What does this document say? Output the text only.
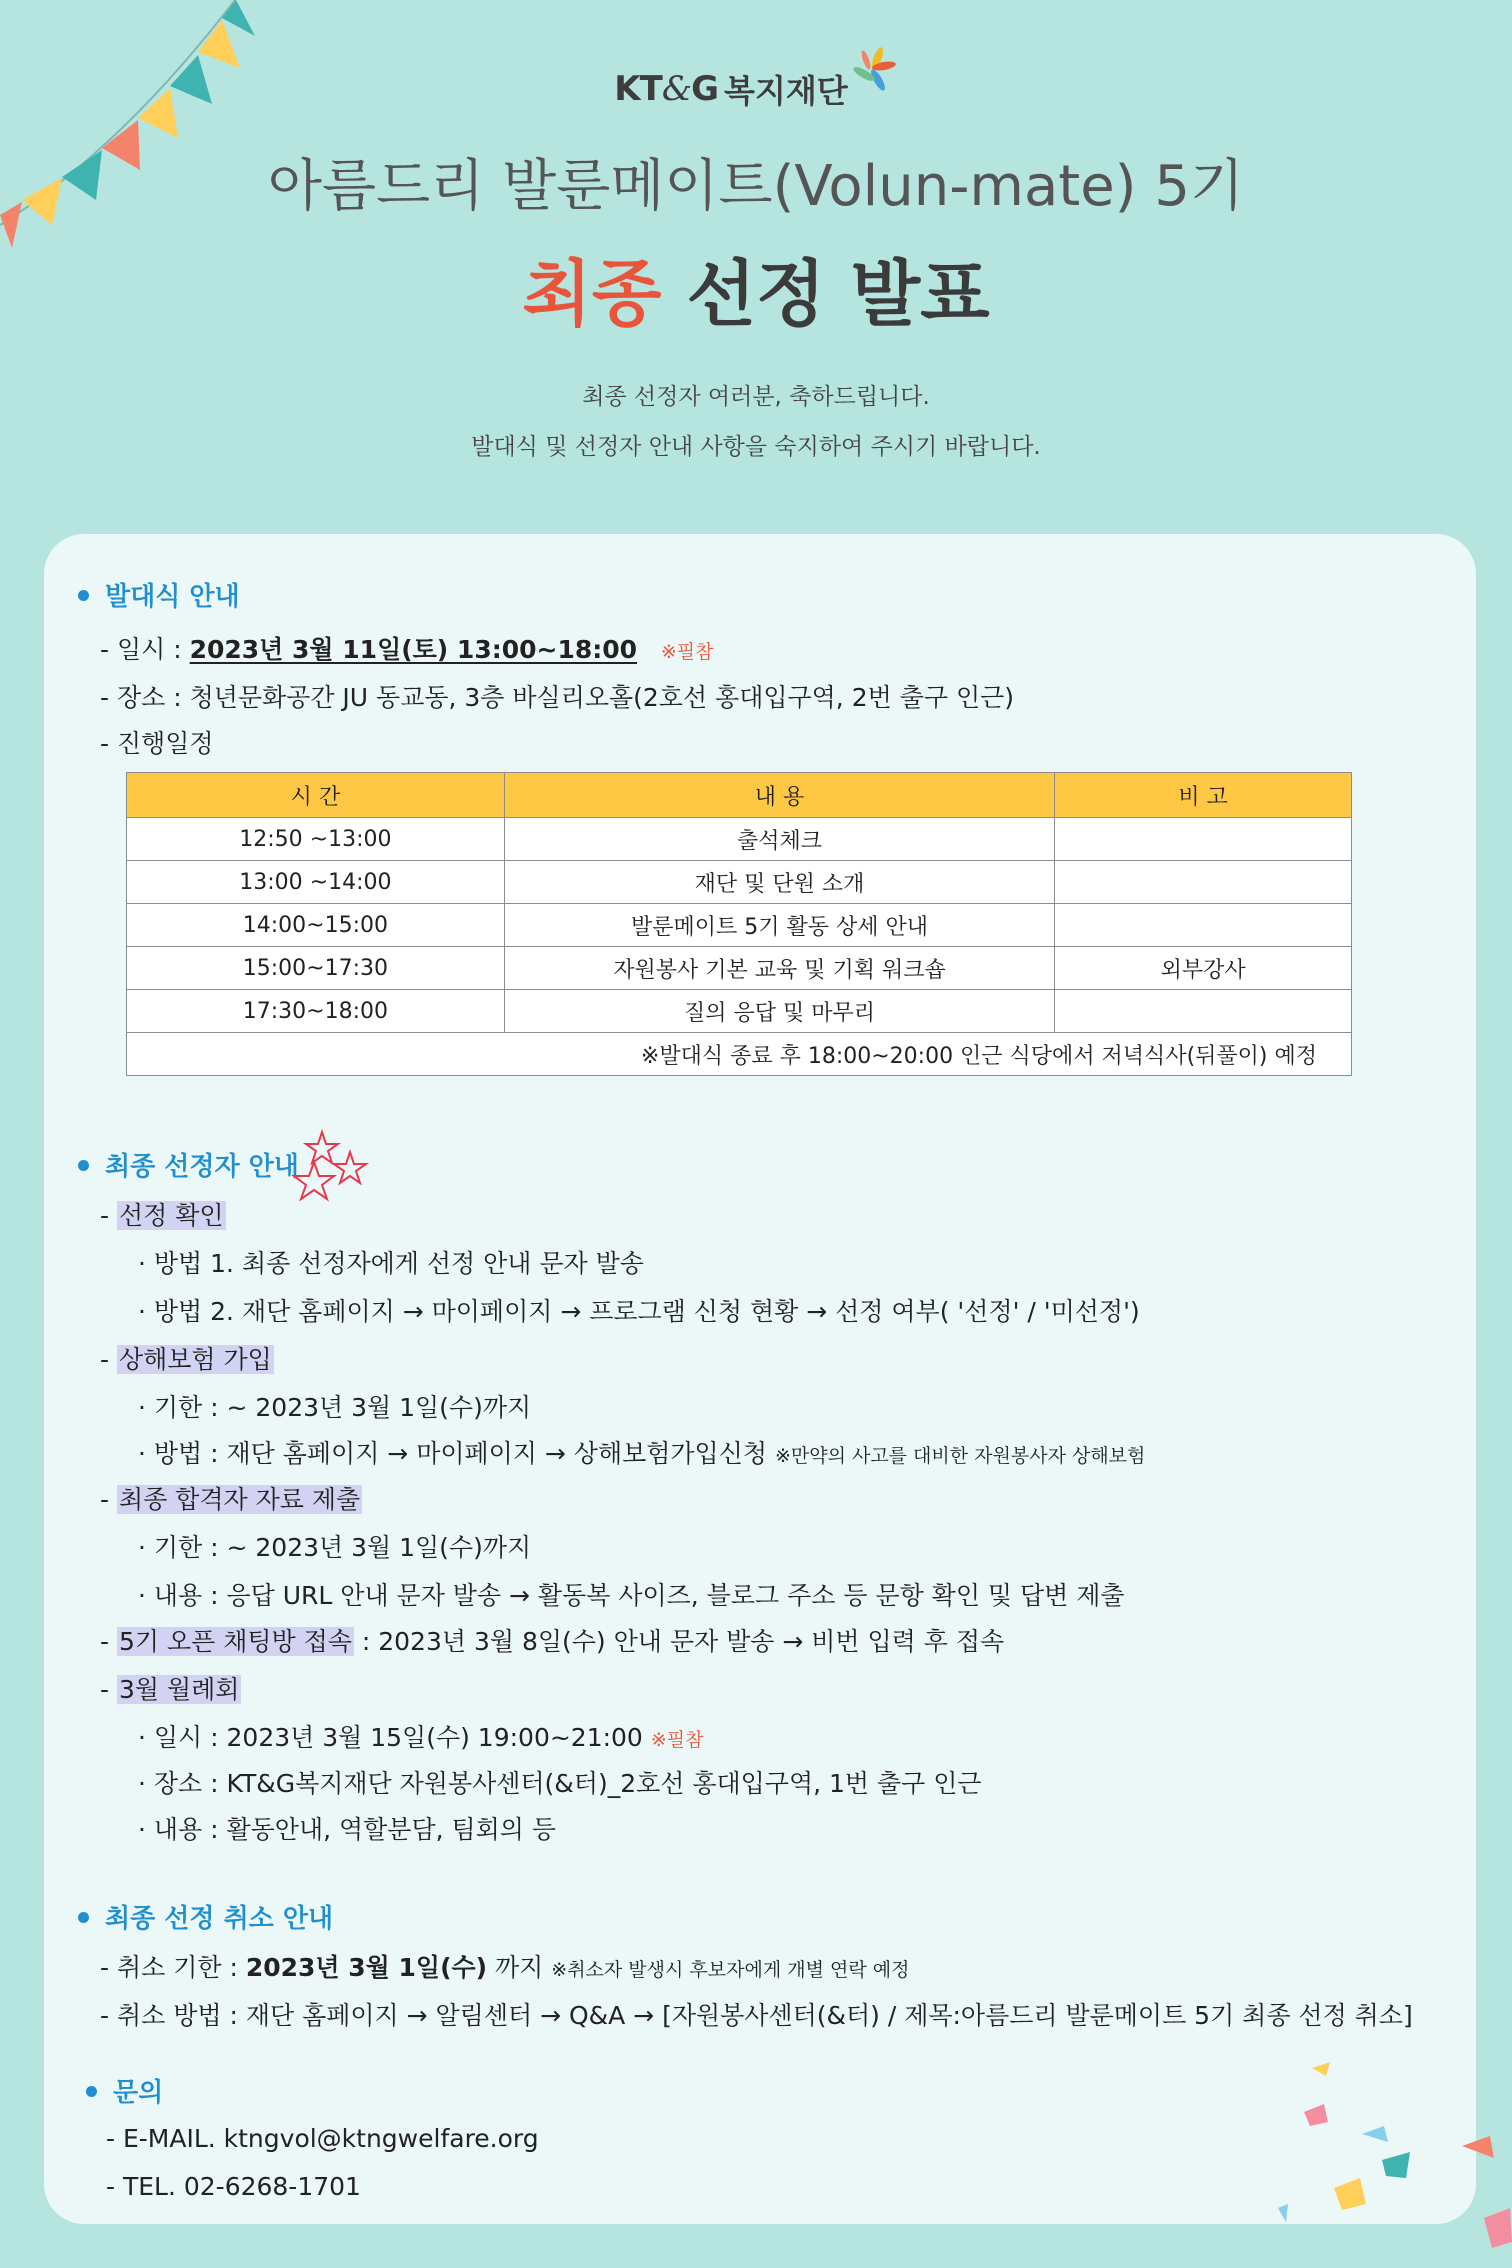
KT&G 복지재단
아름드리 발룬메이트(Volun-mate) 5기
최종 선정 발표
최종 선정자 여러분, 축하드립니다.
발대식 및 선정자 안내 사항을 숙지하여 주시기 바랍니다.
발대식 안내
- 일시 : 2023년 3월 11일(토) 13:00~18:00 ※필참
- 장소 : 청년문화공간 JU 동교동, 3층 바실리오홀(2호선 홍대입구역, 2번 출구 인근)
- 진행일정
시 간	내 용	비 고
12:50 ~13:00	출석체크	
13:00 ~14:00	재단 및 단원 소개	
14:00~15:00	발룬메이트 5기 활동 상세 안내	
15:00~17:30	자원봉사 기본 교육 및 기획 워크숍	외부강사
17:30~18:00	질의 응답 및 마무리	
※발대식 종료 후 18:00~20:00 인근 식당에서 저녁식사(뒤풀이) 예정		
최종 선정자 안내
- 선정 확인
· 방법 1. 최종 선정자에게 선정 안내 문자 발송
· 방법 2. 재단 홈페이지 → 마이페이지 → 프로그램 신청 현황 → 선정 여부( '선정' / '미선정')
- 상해보험 가입
· 기한 : ~ 2023년 3월 1일(수)까지
· 방법 : 재단 홈페이지 → 마이페이지 → 상해보험가입신청 ※만약의 사고를 대비한 자원봉사자 상해보험
- 최종 합격자 자료 제출
· 기한 : ~ 2023년 3월 1일(수)까지
· 내용 : 응답 URL 안내 문자 발송 → 활동복 사이즈, 블로그 주소 등 문항 확인 및 답변 제출
- 5기 오픈 채팅방 접속 : 2023년 3월 8일(수) 안내 문자 발송 → 비번 입력 후 접속
- 3월 월례회
· 일시 : 2023년 3월 15일(수) 19:00~21:00 ※필참
· 장소 : KT&G복지재단 자원봉사센터(&터)_2호선 홍대입구역, 1번 출구 인근
· 내용 : 활동안내, 역할분담, 팀회의 등
최종 선정 취소 안내
- 취소 기한 : 2023년 3월 1일(수) 까지 ※취소자 발생시 후보자에게 개별 연락 예정
- 취소 방법 : 재단 홈페이지 → 알림센터 → Q&A → [자원봉사센터(&터) / 제목:아름드리 발룬메이트 5기 최종 선정 취소]
문의
- E-MAIL. ktngvol@ktngwelfare.org
- TEL. 02-6268-1701
